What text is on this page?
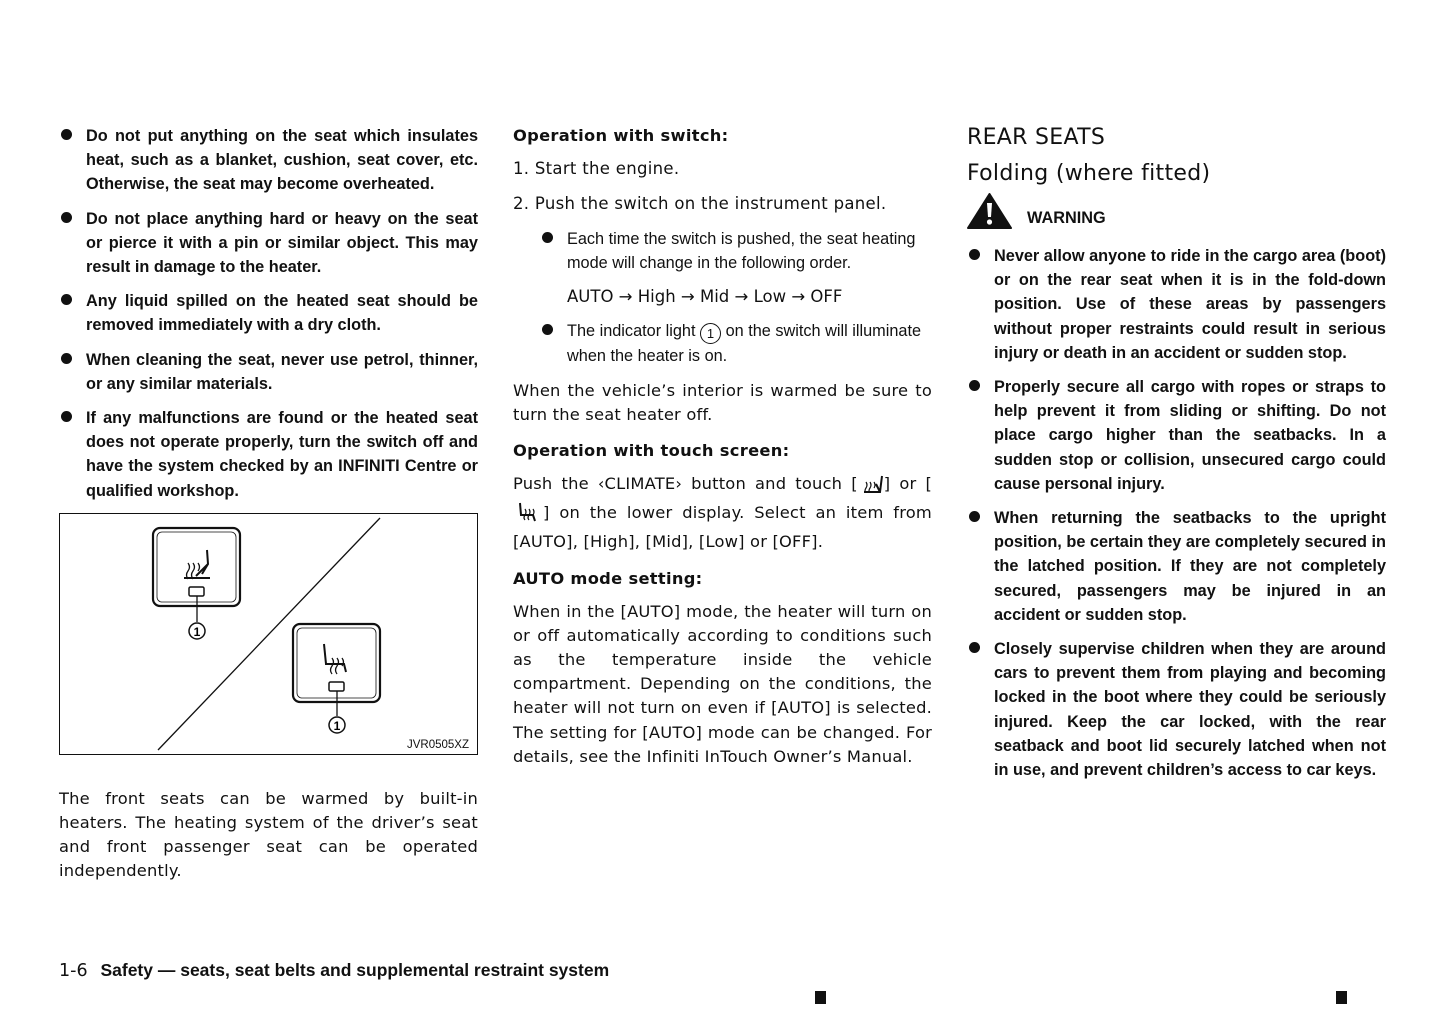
Do not put anything on the seat which insulates heat, such as a blanket, cushion, seat cover, etc. Otherwise, the seat may become overheated.
Do not place anything hard or heavy on the seat or pierce it with a pin or similar object. This may result in damage to the heater.
Any liquid spilled on the heated seat should be removed immediately with a dry cloth.
When cleaning the seat, never use petrol, thinner, or any similar materials.
If any malfunctions are found or the heated seat does not operate properly, turn the switch off and have the system checked by an INFINITI Centre or qualified workshop.
1
1
JVR0505XZ
The front seats can be warmed by built-in heaters. The heating system of the driver’s seat and front passenger seat can be operated independently.
Operation with switch:
1. Start the engine.
2. Push the switch on the instrument panel.
Each time the switch is pushed, the seat heating mode will change in the following order.
AUTO → High → Mid → Low → OFF
The indicator light 1 on the switch will illuminate when the heater is on.
When the vehicle’s interior is warmed be sure to turn the seat heater off.
Operation with touch screen:
Push the ‹CLIMATE› button and touch [ ] or [] on the lower display. Select an item from [AUTO], [High], [Mid], [Low] or [OFF].
AUTO mode setting:
When in the [AUTO] mode, the heater will turn on or off automatically according to conditions such as the temperature inside the vehicle compartment. Depending on the conditions, the heater will not turn on even if [AUTO] is selected. The setting for [AUTO] mode can be changed. For details, see the Infiniti InTouch Owner’s Manual.
REAR SEATS
Folding (where fitted)
WARNING
Never allow anyone to ride in the cargo area (boot) or on the rear seat when it is in the fold-down position. Use of these areas by passengers without proper restraints could result in serious injury or death in an accident or sudden stop.
Properly secure all cargo with ropes or straps to help prevent it from sliding or shifting. Do not place cargo higher than the seatbacks. In a sudden stop or collision, unsecured cargo could cause personal injury.
When returning the seatbacks to the upright position, be certain they are completely secured in the latched position. If they are not completely secured, passengers may be injured in an accident or sudden stop.
Closely supervise children when they are around cars to prevent them from playing and becoming locked in the boot where they could be seriously injured. Keep the car locked, with the rear seatback and boot lid securely latched when not in use, and prevent children’s access to car keys.
1-6 Safety — seats, seat belts and supplemental restraint system
